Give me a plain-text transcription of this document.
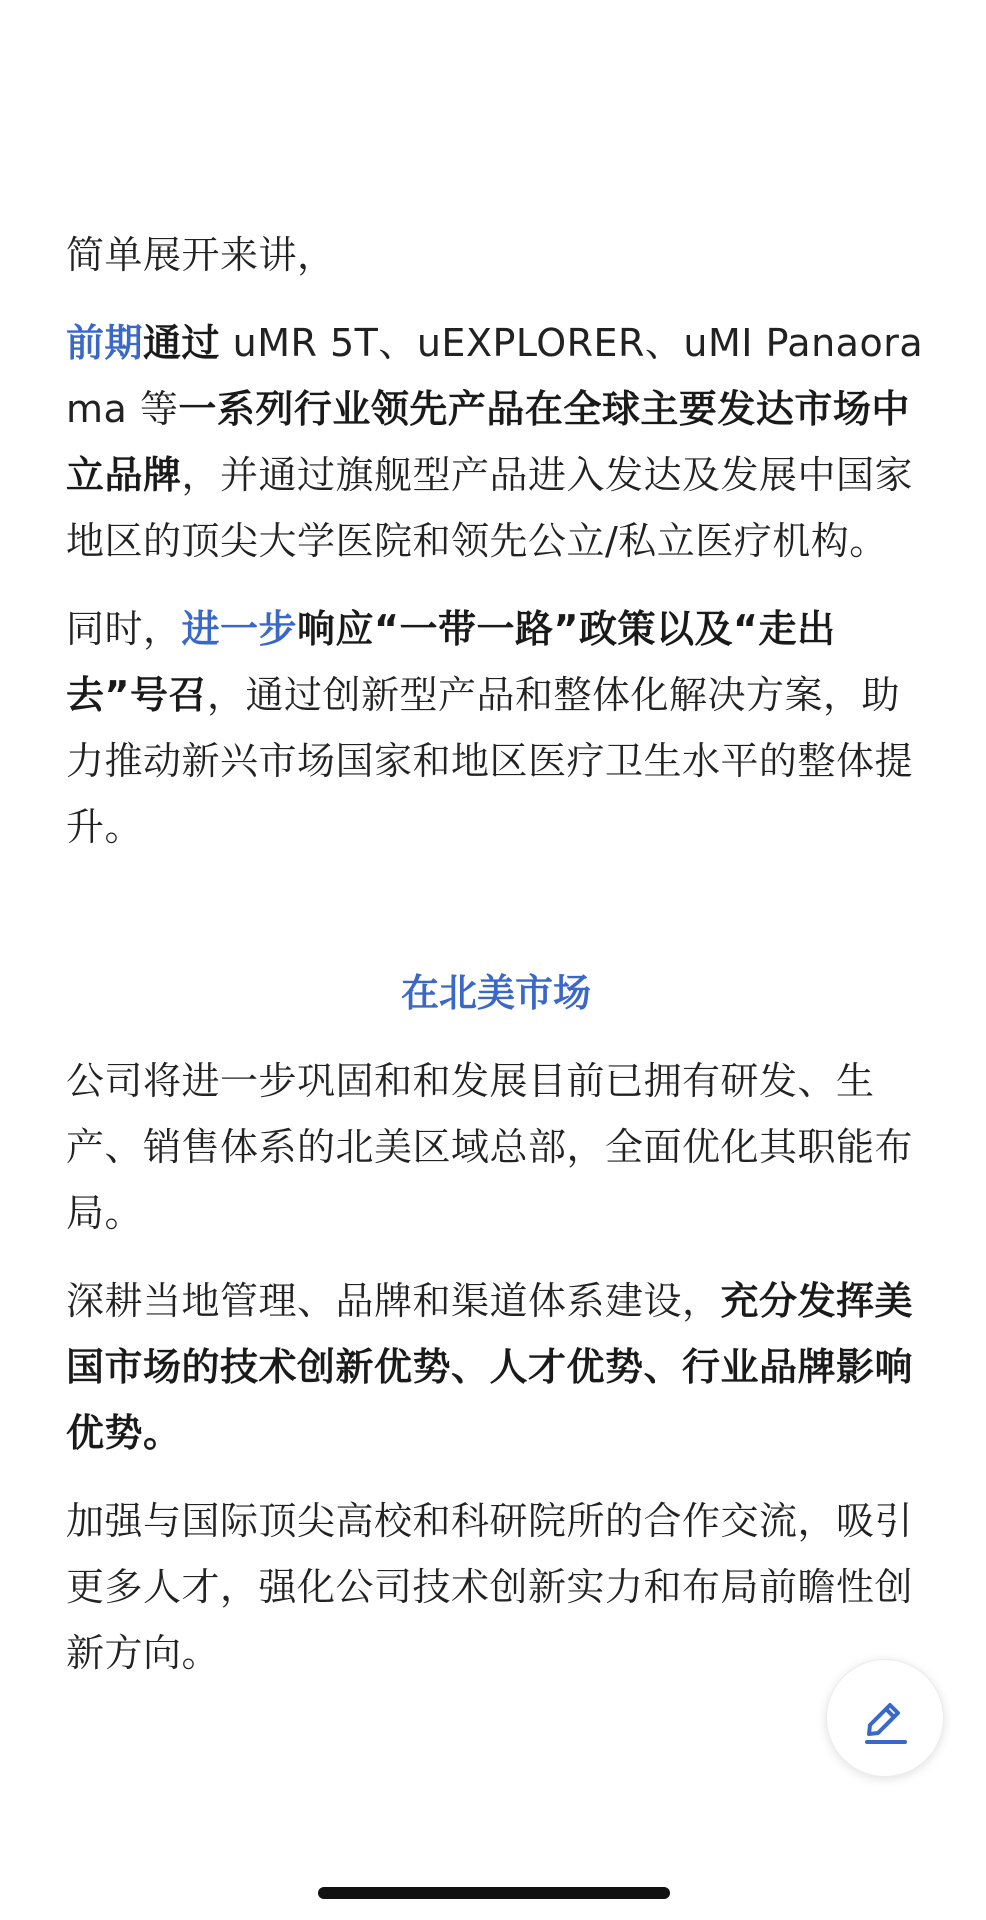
简单展开来讲，

前期通过 uMR 5T、uEXPLORER、uMI Panaorama 等一系列行业领先产品在全球主要发达市场中立品牌，并通过旗舰型产品进入发达及发展中国家地区的顶尖大学医院和领先公立/私立医疗机构。

同时，进一步响应“一带一路”政策以及“走出去”号召，通过创新型产品和整体化解决方案，助力推动新兴市场国家和地区医疗卫生水平的整体提升。

在北美市场

公司将进一步巩固和和发展目前已拥有研发、生产、销售体系的北美区域总部，全面优化其职能布局。

深耕当地管理、品牌和渠道体系建设，充分发挥美国市场的技术创新优势、人才优势、行业品牌影响优势。

加强与国际顶尖高校和科研院所的合作交流，吸引更多人才，强化公司技术创新实力和布局前瞻性创新方向。
